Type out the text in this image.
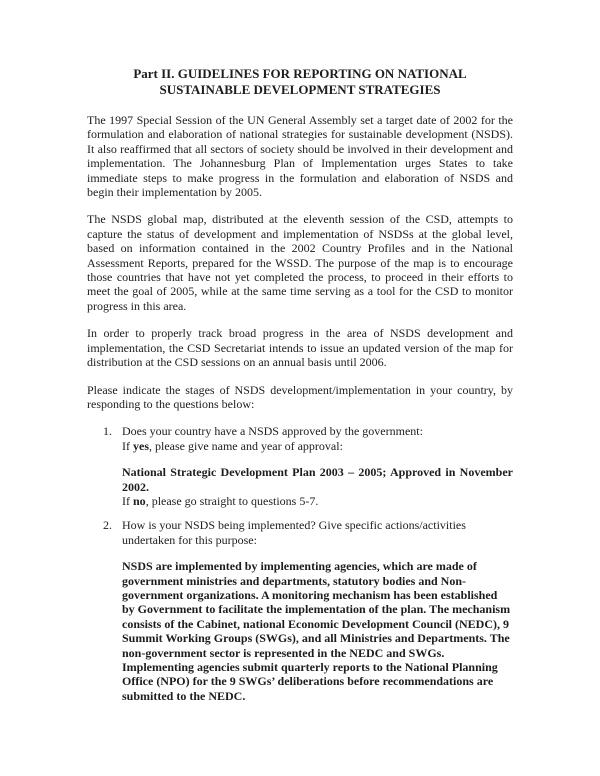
Part II. GUIDELINES FOR REPORTING ON NATIONAL SUSTAINABLE DEVELOPMENT STRATEGIES

The 1997 Special Session of the UN General Assembly set a target date of 2002 for the formulation and elaboration of national strategies for sustainable development (NSDS). It also reaffirmed that all sectors of society should be involved in their development and implementation. The Johannesburg Plan of Implementation urges States to take immediate steps to make progress in the formulation and elaboration of NSDS and begin their implementation by 2005.

The NSDS global map, distributed at the eleventh session of the CSD, attempts to capture the status of development and implementation of NSDSs at the global level, based on information contained in the 2002 Country Profiles and in the National Assessment Reports, prepared for the WSSD. The purpose of the map is to encourage those countries that have not yet completed the process, to proceed in their efforts to meet the goal of 2005, while at the same time serving as a tool for the CSD to monitor progress in this area.

In order to properly track broad progress in the area of NSDS development and implementation, the CSD Secretariat intends to issue an updated version of the map for distribution at the CSD sessions on an annual basis until 2006.

Please indicate the stages of NSDS development/implementation in your country, by responding to the questions below:

1. Does your country have a NSDS approved by the government:
If yes, please give name and year of approval:

National Strategic Development Plan 2003 – 2005; Approved in November 2002.

If no, please go straight to questions 5-7.
2. How is your NSDS being implemented? Give specific actions/activities undertaken for this purpose:

NSDS are implemented by implementing agencies, which are made of government ministries and departments, statutory bodies and Non-government organizations. A monitoring mechanism has been established by Government to facilitate the implementation of the plan. The mechanism consists of the Cabinet, national Economic Development Council (NEDC), 9 Summit Working Groups (SWGs), and all Ministries and Departments. The non-government sector is represented in the NEDC and SWGs. Implementing agencies submit quarterly reports to the National Planning Office (NPO) for the 9 SWGs’ deliberations before recommendations are submitted to the NEDC.
